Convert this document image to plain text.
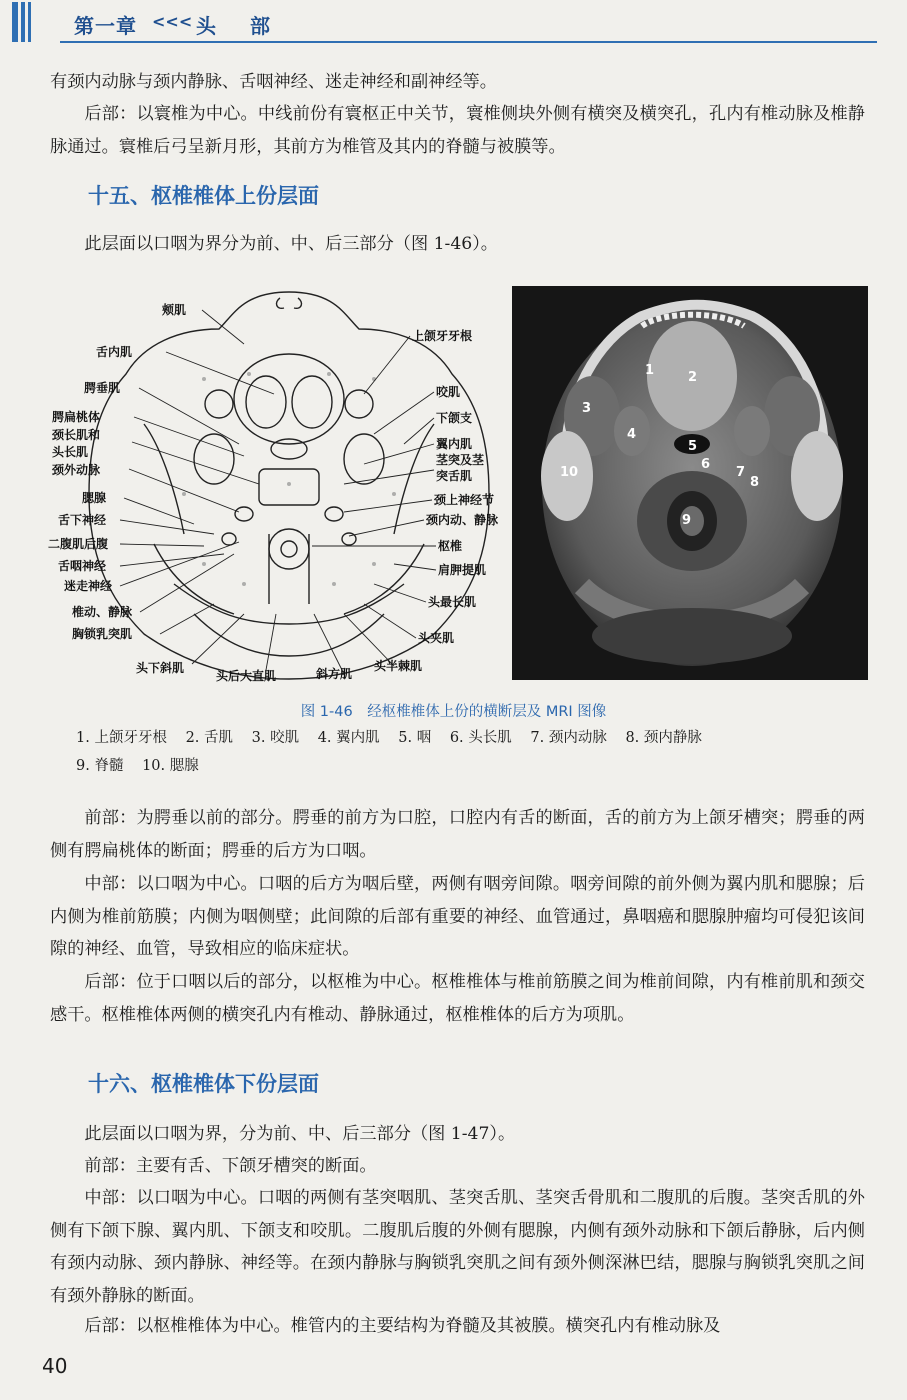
第一章 <<< 头部

有颈内动脉与颈内静脉、舌咽神经、迷走神经和副神经等。

后部：以寰椎为中心。中线前份有寰枢正中关节，寰椎侧块外侧有横突及横突孔，孔内有椎动脉及椎静脉通过。寰椎后弓呈新月形，其前方为椎管及其内的脊髓与被膜等。

十五、枢椎椎体上份层面

此层面以口咽为界分为前、中、后三部分（图 1-46）。

颊肌
舌内肌
腭垂肌
腭扁桃体
颈长肌和
头长肌
颈外动脉
腮腺
舌下神经
二腹肌后腹
舌咽神经
迷走神经
椎动、静脉
胸锁乳突肌
上颌牙牙根
咬肌
下颌支
翼内肌
茎突及茎
突舌肌
颈上神经节
颈内动、静脉
枢椎
肩胛提肌
头最长肌
头夹肌
头半棘肌
头下斜肌
头后大直肌	斜方肌
1	2
3
4
5
6
7
8
9
10
图 1-46　经枢椎椎体上份的横断层及 MRI 图像
1. 上颌牙牙根 2. 舌肌 3. 咬肌 4. 翼内肌 5. 咽 6. 头长肌 7. 颈内动脉 8. 颈内静脉
9. 脊髓 10. 腮腺

前部：为腭垂以前的部分。腭垂的前方为口腔，口腔内有舌的断面，舌的前方为上颌牙槽突；腭垂的两侧有腭扁桃体的断面；腭垂的后方为口咽。

中部：以口咽为中心。口咽的后方为咽后壁，两侧有咽旁间隙。咽旁间隙的前外侧为翼内肌和腮腺；后内侧为椎前筋膜；内侧为咽侧壁；此间隙的后部有重要的神经、血管通过，鼻咽癌和腮腺肿瘤均可侵犯该间隙的神经、血管，导致相应的临床症状。

后部：位于口咽以后的部分，以枢椎为中心。枢椎椎体与椎前筋膜之间为椎前间隙，内有椎前肌和颈交感干。枢椎椎体两侧的横突孔内有椎动、静脉通过，枢椎椎体的后方为项肌。

十六、枢椎椎体下份层面

此层面以口咽为界，分为前、中、后三部分（图 1-47）。

前部：主要有舌、下颌牙槽突的断面。

中部：以口咽为中心。口咽的两侧有茎突咽肌、茎突舌肌、茎突舌骨肌和二腹肌的后腹。茎突舌肌的外侧有下颌下腺、翼内肌、下颌支和咬肌。二腹肌后腹的外侧有腮腺，内侧有颈外动脉和下颌后静脉，后内侧有颈内动脉、颈内静脉、神经等。在颈内静脉与胸锁乳突肌之间有颈外侧深淋巴结，腮腺与胸锁乳突肌之间有颈外静脉的断面。

后部：以枢椎椎体为中心。椎管内的主要结构为脊髓及其被膜。横突孔内有椎动脉及

40
